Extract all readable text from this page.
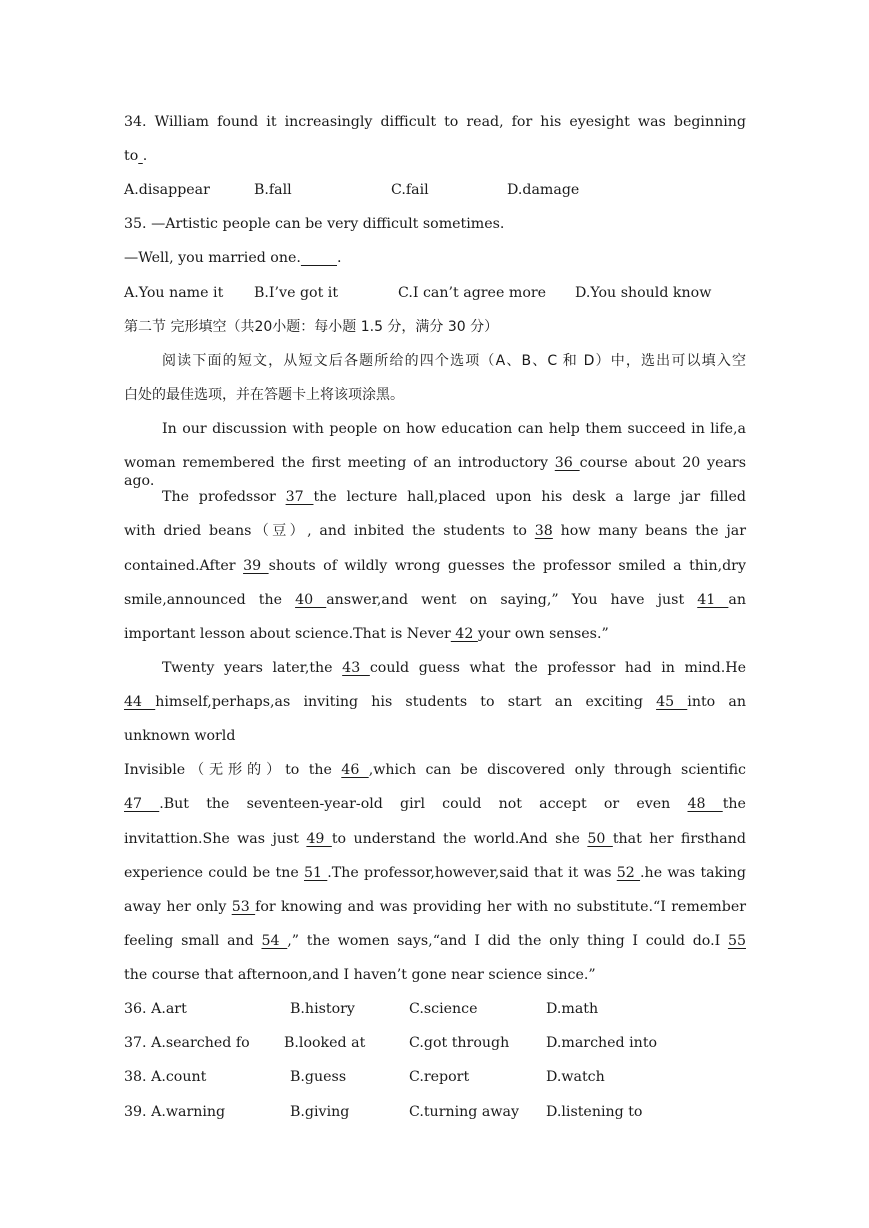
34. William found it increasingly difficult to read, for his eyesight was beginning
to .
A.disappear	B.fall	C.fail	D.damage
35. —Artistic people can be very difficult sometimes.
—Well, you married one.	.
A.You name it B.I’ve got it	C.I can’t agree more D.You should know
第二节 完形填空（共20小题：每小题 1.5 分，满分 30 分）
阅读下面的短文，从短文后各题所给的四个选项（A、B、C 和 D）中，选出可以填入空
白处的最佳选项，并在答题卡上将该项涂黑。
In our discussion with people on how education can help them succeed in life,a
woman remembered the first meeting of an introductory 36 course about 20 years ago.
The profedssor 37 the lecture hall,placed upon his desk a large jar filled
with dried beans（豆）, and inbited the students to 38 how many beans the jar
contained.After 39 shouts of wildly wrong guesses the professor smiled a thin,dry
smile,announced the 40 answer,and went on saying,” You have just 41 an
important lesson about science.That is Never 42 your own senses.”
Twenty years later,the 43 could guess what the professor had in mind.He
44 himself,perhaps,as inviting his students to start an exciting 45 into an
unknown world
Invisible（无形的）to the 46 ,which can be discovered only through scientific
47 .But the seventeen-year-old girl could not accept or even 48 the
invitattion.She was just 49 to understand the world.And she 50 that her firsthand
experience could be tne 51 .The professor,however,said that it was 52 .he was taking
away her only 53 for knowing and was providing her with no substitute.“I remember
feeling small and 54 ,” the women says,“and I did the only thing I could do.I 55
the course that afternoon,and I haven’t gone near science since.”
36. A.art	B.history	C.science	D.math
37. A.searched fo B.looked at	C.got through	D.marched into
38. A.count	B.guess	C.report	D.watch
39. A.warning	B.giving	C.turning away D.listening to
